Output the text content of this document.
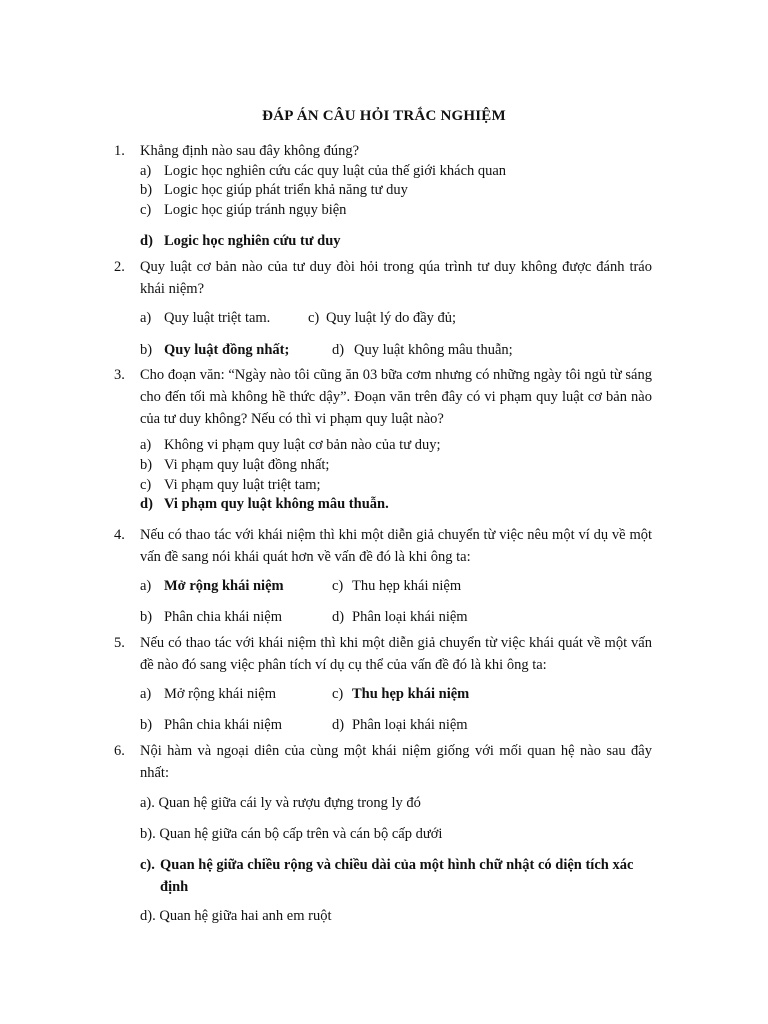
ĐÁP ÁN CÂU HỎI TRẮC NGHIỆM
1. Khẳng định nào sau đây không đúng?
a) Logic học nghiên cứu các quy luật của thế giới khách quan
b) Logic học giúp phát triển khả năng tư duy
c) Logic học giúp tránh ngụy biện
d) Logic học nghiên cứu tư duy
2. Quy luật cơ bản nào của tư duy đòi hỏi trong qúa trình tư duy không được đánh tráo khái niệm?
a) Quy luật triệt tam.	c) Quy luật lý do đầy đủ;
b) Quy luật đồng nhất;	d) Quy luật không mâu thuẫn;
3. Cho đoạn văn: “Ngày nào tôi cũng ăn 03 bữa cơm nhưng có những ngày tôi ngủ từ sáng cho đến tối mà không hề thức dậy”. Đoạn văn trên đây có vi phạm quy luật cơ bản nào của tư duy không? Nếu có thì vi phạm quy luật nào?
a) Không vi phạm quy luật cơ bản nào của tư duy;
b) Vi phạm quy luật đồng nhất;
c) Vi phạm quy luật triệt tam;
d) Vi phạm quy luật không mâu thuẫn.
4. Nếu có thao tác với khái niệm thì khi một diễn giả chuyển từ việc nêu một ví dụ về một vấn đề sang nói khái quát hơn về vấn đề đó là khi ông ta:
a) Mở rộng khái niệm	c) Thu hẹp khái niệm
b) Phân chia khái niệm	d) Phân loại khái niệm
5. Nếu có thao tác với khái niệm thì khi một diễn giả chuyển từ việc khái quát về một vấn đề nào đó sang việc phân tích ví dụ cụ thể của vấn đề đó là khi ông ta:
a) Mở rộng khái niệm	c) Thu hẹp khái niệm
b) Phân chia khái niệm	d) Phân loại khái niệm
6. Nội hàm và ngoại diên của cùng một khái niệm giống với mối quan hệ nào sau đây nhất:
a). Quan hệ giữa cái ly và rượu đựng trong ly đó
b). Quan hệ giữa cán bộ cấp trên và cán bộ cấp dưới
c). Quan hệ giữa chiều rộng và chiều dài của một hình chữ nhật có diện tích xác định
d). Quan hệ giữa hai anh em ruột
